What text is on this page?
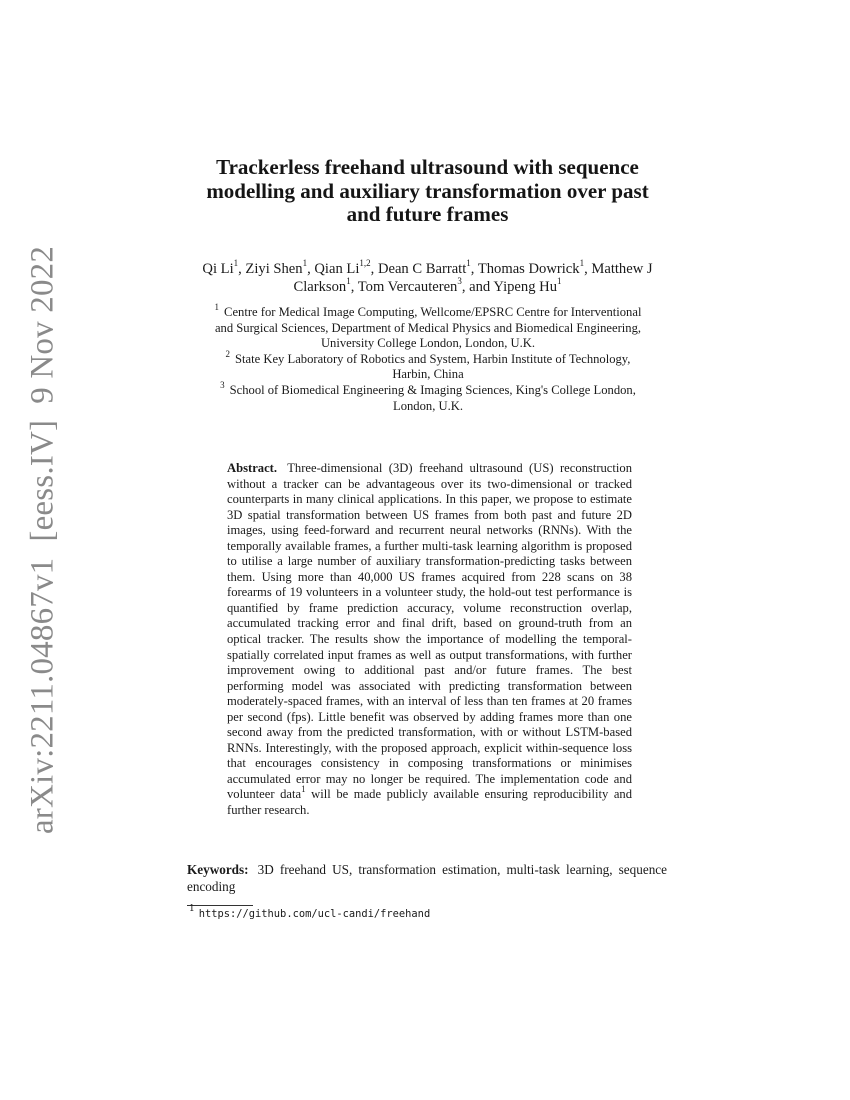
arXiv:2211.04867v1[eess.IV]9 Nov 2022
Trackerless freehand ultrasound with sequence
modelling and auxiliary transformation over past
and future frames
Qi Li$^1$, Ziyi Shen$^1$, Qian Li$^{1,2}$, Dean C Barratt$^1$, Thomas Dowrick$^1$, Matthew J
Clarkson$^1$, Tom Vercauteren$^3$, and Yipeng Hu$^1$
$^1$ Centre for Medical Image Computing, Wellcome/EPSRC Centre for Interventional
and Surgical Sciences, Department of Medical Physics and Biomedical Engineering,
University College London, London, U.K.
$^2$ State Key Laboratory of Robotics and System, Harbin Institute of Technology,
Harbin, China
$^3$ School of Biomedical Engineering & Imaging Sciences, King's College London,
London, U.K.
Abstract. Three-dimensional (3D) freehand ultrasound (US) reconstruction without a tracker can be advantageous over its two-dimensional or tracked counterparts in many clinical applications. In this paper, we propose to estimate 3D spatial transformation between US frames from both past and future 2D images, using feed-forward and recurrent neural networks (RNNs). With the temporally available frames, a further multi-task learning algorithm is proposed to utilise a large number of auxiliary transformation-predicting tasks between them. Using more than 40,000 US frames acquired from 228 scans on 38 forearms of 19 volunteers in a volunteer study, the hold-out test performance is quantified by frame prediction accuracy, volume reconstruction overlap, accumulated tracking error and final drift, based on ground-truth from an optical tracker. The results show the importance of modelling the temporal-spatially correlated input frames as well as output transformations, with further improvement owing to additional past and/or future frames. The best performing model was associated with predicting transformation between moderately-spaced frames, with an interval of less than ten frames at 20 frames per second (fps). Little benefit was observed by adding frames more than one second away from the predicted transformation, with or without LSTM-based RNNs. Interestingly, with the proposed approach, explicit within-sequence loss that encourages consistency in composing transformations or minimises accumulated error may no longer be required. The implementation code and volunteer data$^1$ will be made publicly available ensuring reproducibility and further research.
Keywords: 3D freehand US, transformation estimation, multi-task learning, sequence encoding
$^1$ https://github.com/ucl-candi/freehand
